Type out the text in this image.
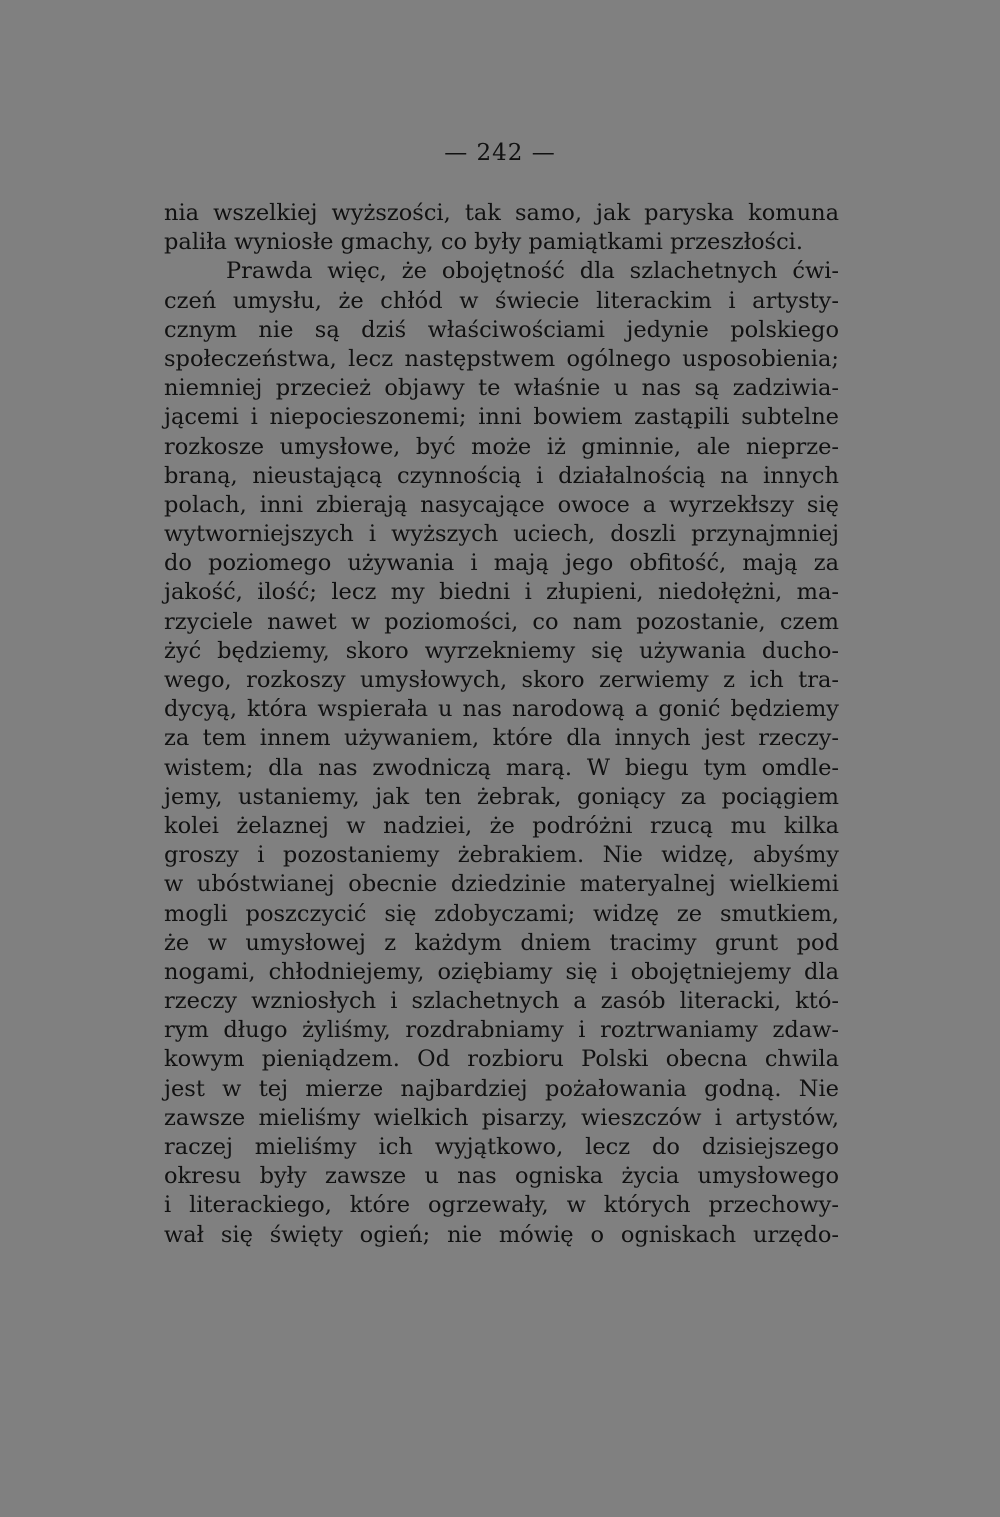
— 242 —
nia wszelkiej wyższości, tak samo, jak paryska komuna
paliła wyniosłe gmachy, co były pamiątkami przeszłości.
Prawda więc, że obojętność dla szlachetnych ćwi-
czeń umysłu, że chłód w świecie literackim i artysty-
cznym nie są dziś właściwościami jedynie polskiego
społeczeństwa, lecz następstwem ogólnego usposobienia;
niemniej przecież objawy te właśnie u nas są zadziwia-
jącemi i niepocieszonemi; inni bowiem zastąpili subtelne
rozkosze umysłowe, być może iż gminnie, ale nieprze-
braną, nieustającą czynnością i działalnością na innych
polach, inni zbierają nasycające owoce a wyrzekłszy się
wytworniejszych i wyższych uciech, doszli przynajmniej
do poziomego używania i mają jego obfitość, mają za
jakość, ilość; lecz my biedni i złupieni, niedołężni, ma-
rzyciele nawet w poziomości, co nam pozostanie, czem
żyć będziemy, skoro wyrzekniemy się używania ducho-
wego, rozkoszy umysłowych, skoro zerwiemy z ich tra-
dycyą, która wspierała u nas narodową a gonić będziemy
za tem innem używaniem, które dla innych jest rzeczy-
wistem; dla nas zwodniczą marą. W biegu tym omdle-
jemy, ustaniemy, jak ten żebrak, goniący za pociągiem
kolei żelaznej w nadziei, że podróżni rzucą mu kilka
groszy i pozostaniemy żebrakiem. Nie widzę, abyśmy
w ubóstwianej obecnie dziedzinie materyalnej wielkiemi
mogli poszczycić się zdobyczami; widzę ze smutkiem,
że w umysłowej z każdym dniem tracimy grunt pod
nogami, chłodniejemy, oziębiamy się i obojętniejemy dla
rzeczy wzniosłych i szlachetnych a zasób literacki, któ-
rym długo żyliśmy, rozdrabniamy i roztrwaniamy zdaw-
kowym pieniądzem. Od rozbioru Polski obecna chwila
jest w tej mierze najbardziej pożałowania godną. Nie
zawsze mieliśmy wielkich pisarzy, wieszczów i artystów,
raczej mieliśmy ich wyjątkowo, lecz do dzisiejszego
okresu były zawsze u nas ogniska życia umysłowego
i literackiego, które ogrzewały, w których przechowy-
wał się święty ogień; nie mówię o ogniskach urzędo-
